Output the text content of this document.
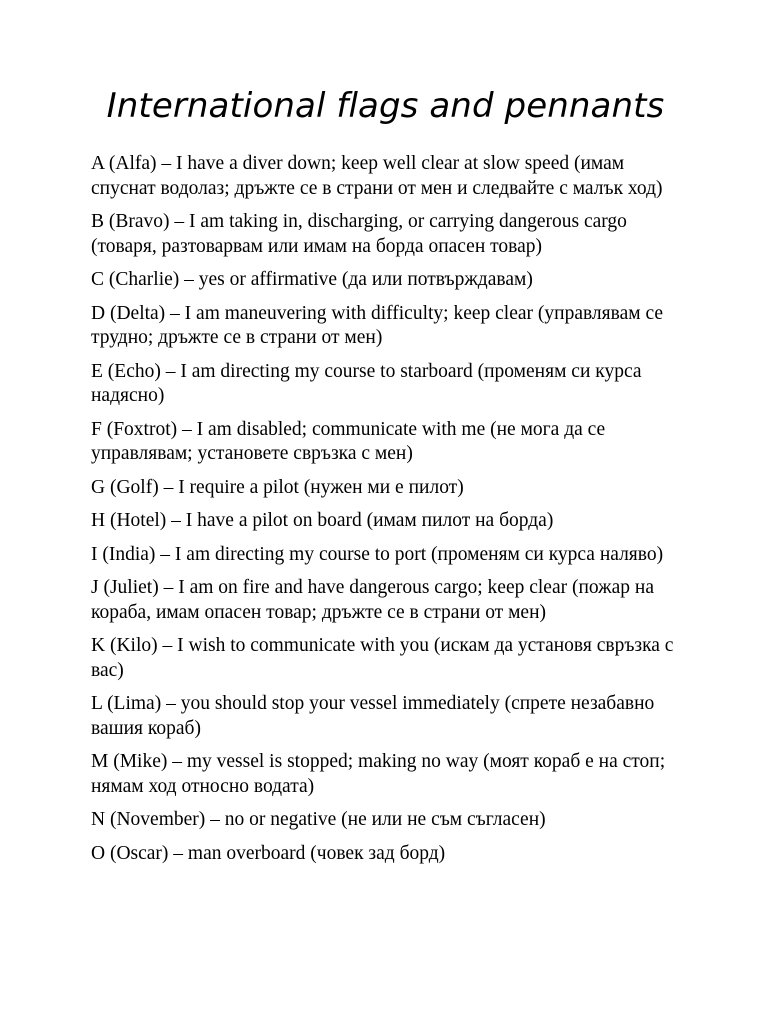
International flags and pennants
A (Alfa) – I have a diver down; keep well clear at slow speed (имам спуснат водолаз; дръжте се в страни от мен и следвайте с малък ход)
B (Bravo) – I am taking in, discharging, or carrying dangerous cargo (товаря, разтоварвам или имам на борда опасен товар)
C (Charlie) – yes or affirmative (да или потвърждавам)
D (Delta) – I am maneuvering with difficulty; keep clear (управлявам се трудно; дръжте се в страни от мен)
E (Echo) – I am directing my course to starboard (променям си курса надясно)
F (Foxtrot) – I am disabled; communicate with me (не мога да се управлявам; установете свръзка с мен)
G (Golf) – I require a pilot (нужен ми е пилот)
H (Hotel) – I have a pilot on board (имам пилот на борда)
I (India) – I am directing my course to port (променям си курса наляво)
J (Juliet) – I am on fire and have dangerous cargo; keep clear (пожар на кораба, имам опасен товар; дръжте се в страни от мен)
K (Kilo) – I wish to communicate with you (искам да установя свръзка с вас)
L (Lima) – you should stop your vessel immediately (спрете незабавно вашия кораб)
M (Mike) – my vessel is stopped; making no way (моят кораб е на стоп; нямам ход относно водата)
N (November) – no or negative (не или не съм съгласен)
O (Oscar) – man overboard (човек зад борд)
